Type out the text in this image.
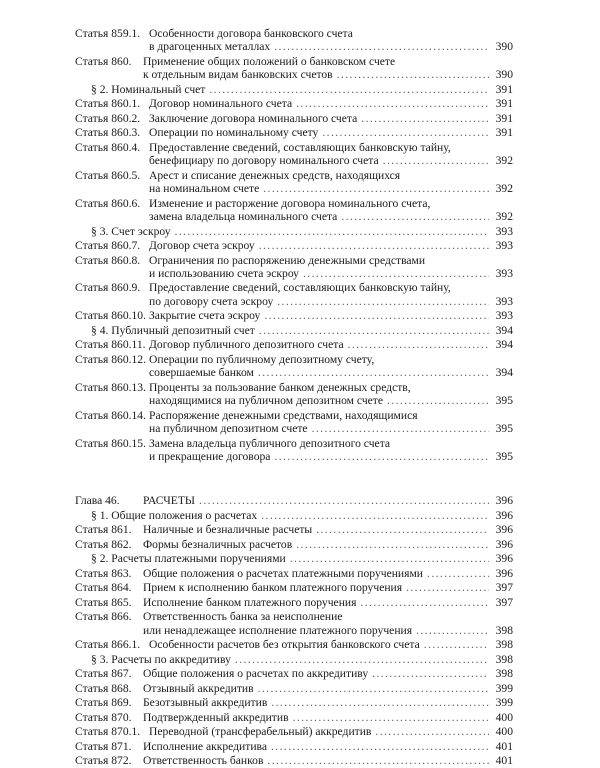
Статья 859.1. Особенности договора банковского счета
в драгоценных металлах .....	390
Статья 860. Применение общих положений о банковском счете
к отдельным видам банковских счетов .....	390
§ 2. Номинальный счет .....	391
Статья 860.1. Договор номинального счета .....	391
Статья 860.2. Заключение договора номинального счета .....	391
Статья 860.3. Операции по номинальному счету .....	391
Статья 860.4. Предоставление сведений, составляющих банковскую тайну,
бенефициару по договору номинального счета .....	392
Статья 860.5. Арест и списание денежных средств, находящихся
на номинальном счете .....	392
Статья 860.6. Изменение и расторжение договора номинального счета,
замена владельца номинального счета .....	392
§ 3. Счет эскроу .....	393
Статья 860.7. Договор счета эскроу .....	393
Статья 860.8. Ограничения по распоряжению денежными средствами
и использованию счета эскроу .....	393
Статья 860.9. Предоставление сведений, составляющих банковскую тайну,
по договору счета эскроу .....	393
Статья 860.10. Закрытие счета эскроу .....	393
§ 4. Публичный депозитный счет .....	394
Статья 860.11. Договор публичного депозитного счета .....	394
Статья 860.12. Операции по публичному депозитному счету,
совершаемые банком .....	394
Статья 860.13. Проценты за пользование банком денежных средств,
находящимися на публичном депозитном счете .....	395
Статья 860.14. Распоряжение денежными средствами, находящимися
на публичном депозитном счете .....	395
Статья 860.15. Замена владельца публичного депозитного счета
и прекращение договора .....	395
Глава 46. РАСЧЕТЫ .....	396
§ 1. Общие положения о расчетах .....	396
Статья 861. Наличные и безналичные расчеты .....	396
Статья 862. Формы безналичных расчетов .....	396
§ 2. Расчеты платежными поручениями .....	396
Статья 863. Общие положения о расчетах платежными поручениями .....	396
Статья 864. Прием к исполнению банком платежного поручения .....	397
Статья 865. Исполнение банком платежного поручения .....	397
Статья 866. Ответственность банка за неисполнение
или ненадлежащее исполнение платежного поручения .....	398
Статья 866.1. Особенности расчетов без открытия банковского счета .....	398
§ 3. Расчеты по аккредитиву .....	398
Статья 867. Общие положения о расчетах по аккредитиву .....	398
Статья 868. Отзывный аккредитив .....	399
Статья 869. Безотзывный аккредитив .....	399
Статья 870. Подтвержденный аккредитив .....	400
Статья 870.1. Переводной (трансферабельный) аккредитив .....	400
Статья 871. Исполнение аккредитива .....	401
Статья 872. Ответственность банков .....	401
